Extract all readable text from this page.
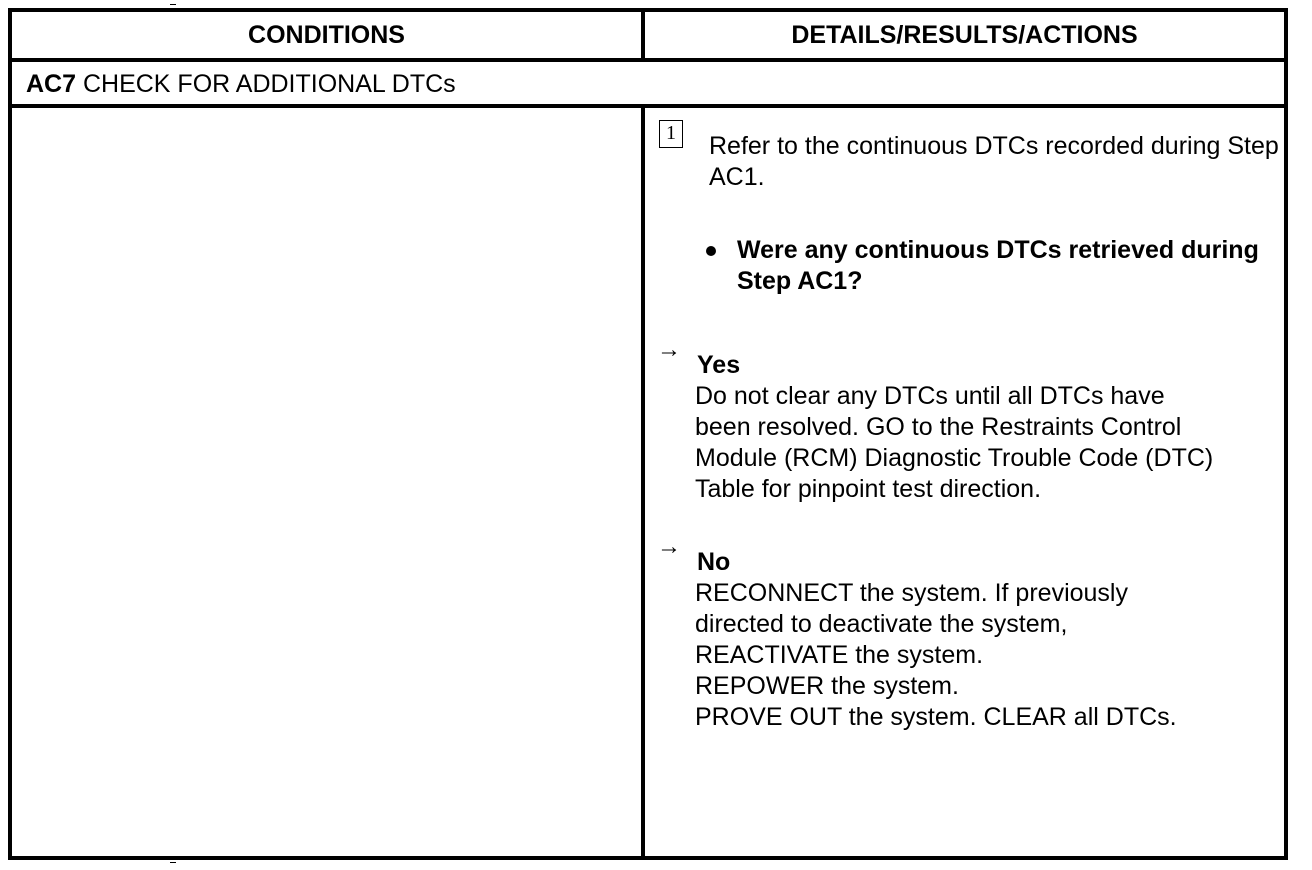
CONDITIONS	DETAILS/RESULTS/ACTIONS
AC7 CHECK FOR ADDITIONAL DTCs
1 Refer to the continuous DTCs recorded during Step AC1.
Were any continuous DTCs retrieved during Step AC1?
→
Yes
Do not clear any DTCs until all DTCs have
been resolved. GO to the Restraints Control
Module (RCM) Diagnostic Trouble Code (DTC)
Table for pinpoint test direction.
→
No
RECONNECT the system. If previously
directed to deactivate the system,
REACTIVATE the system.
REPOWER the system.
PROVE OUT the system. CLEAR all DTCs.
